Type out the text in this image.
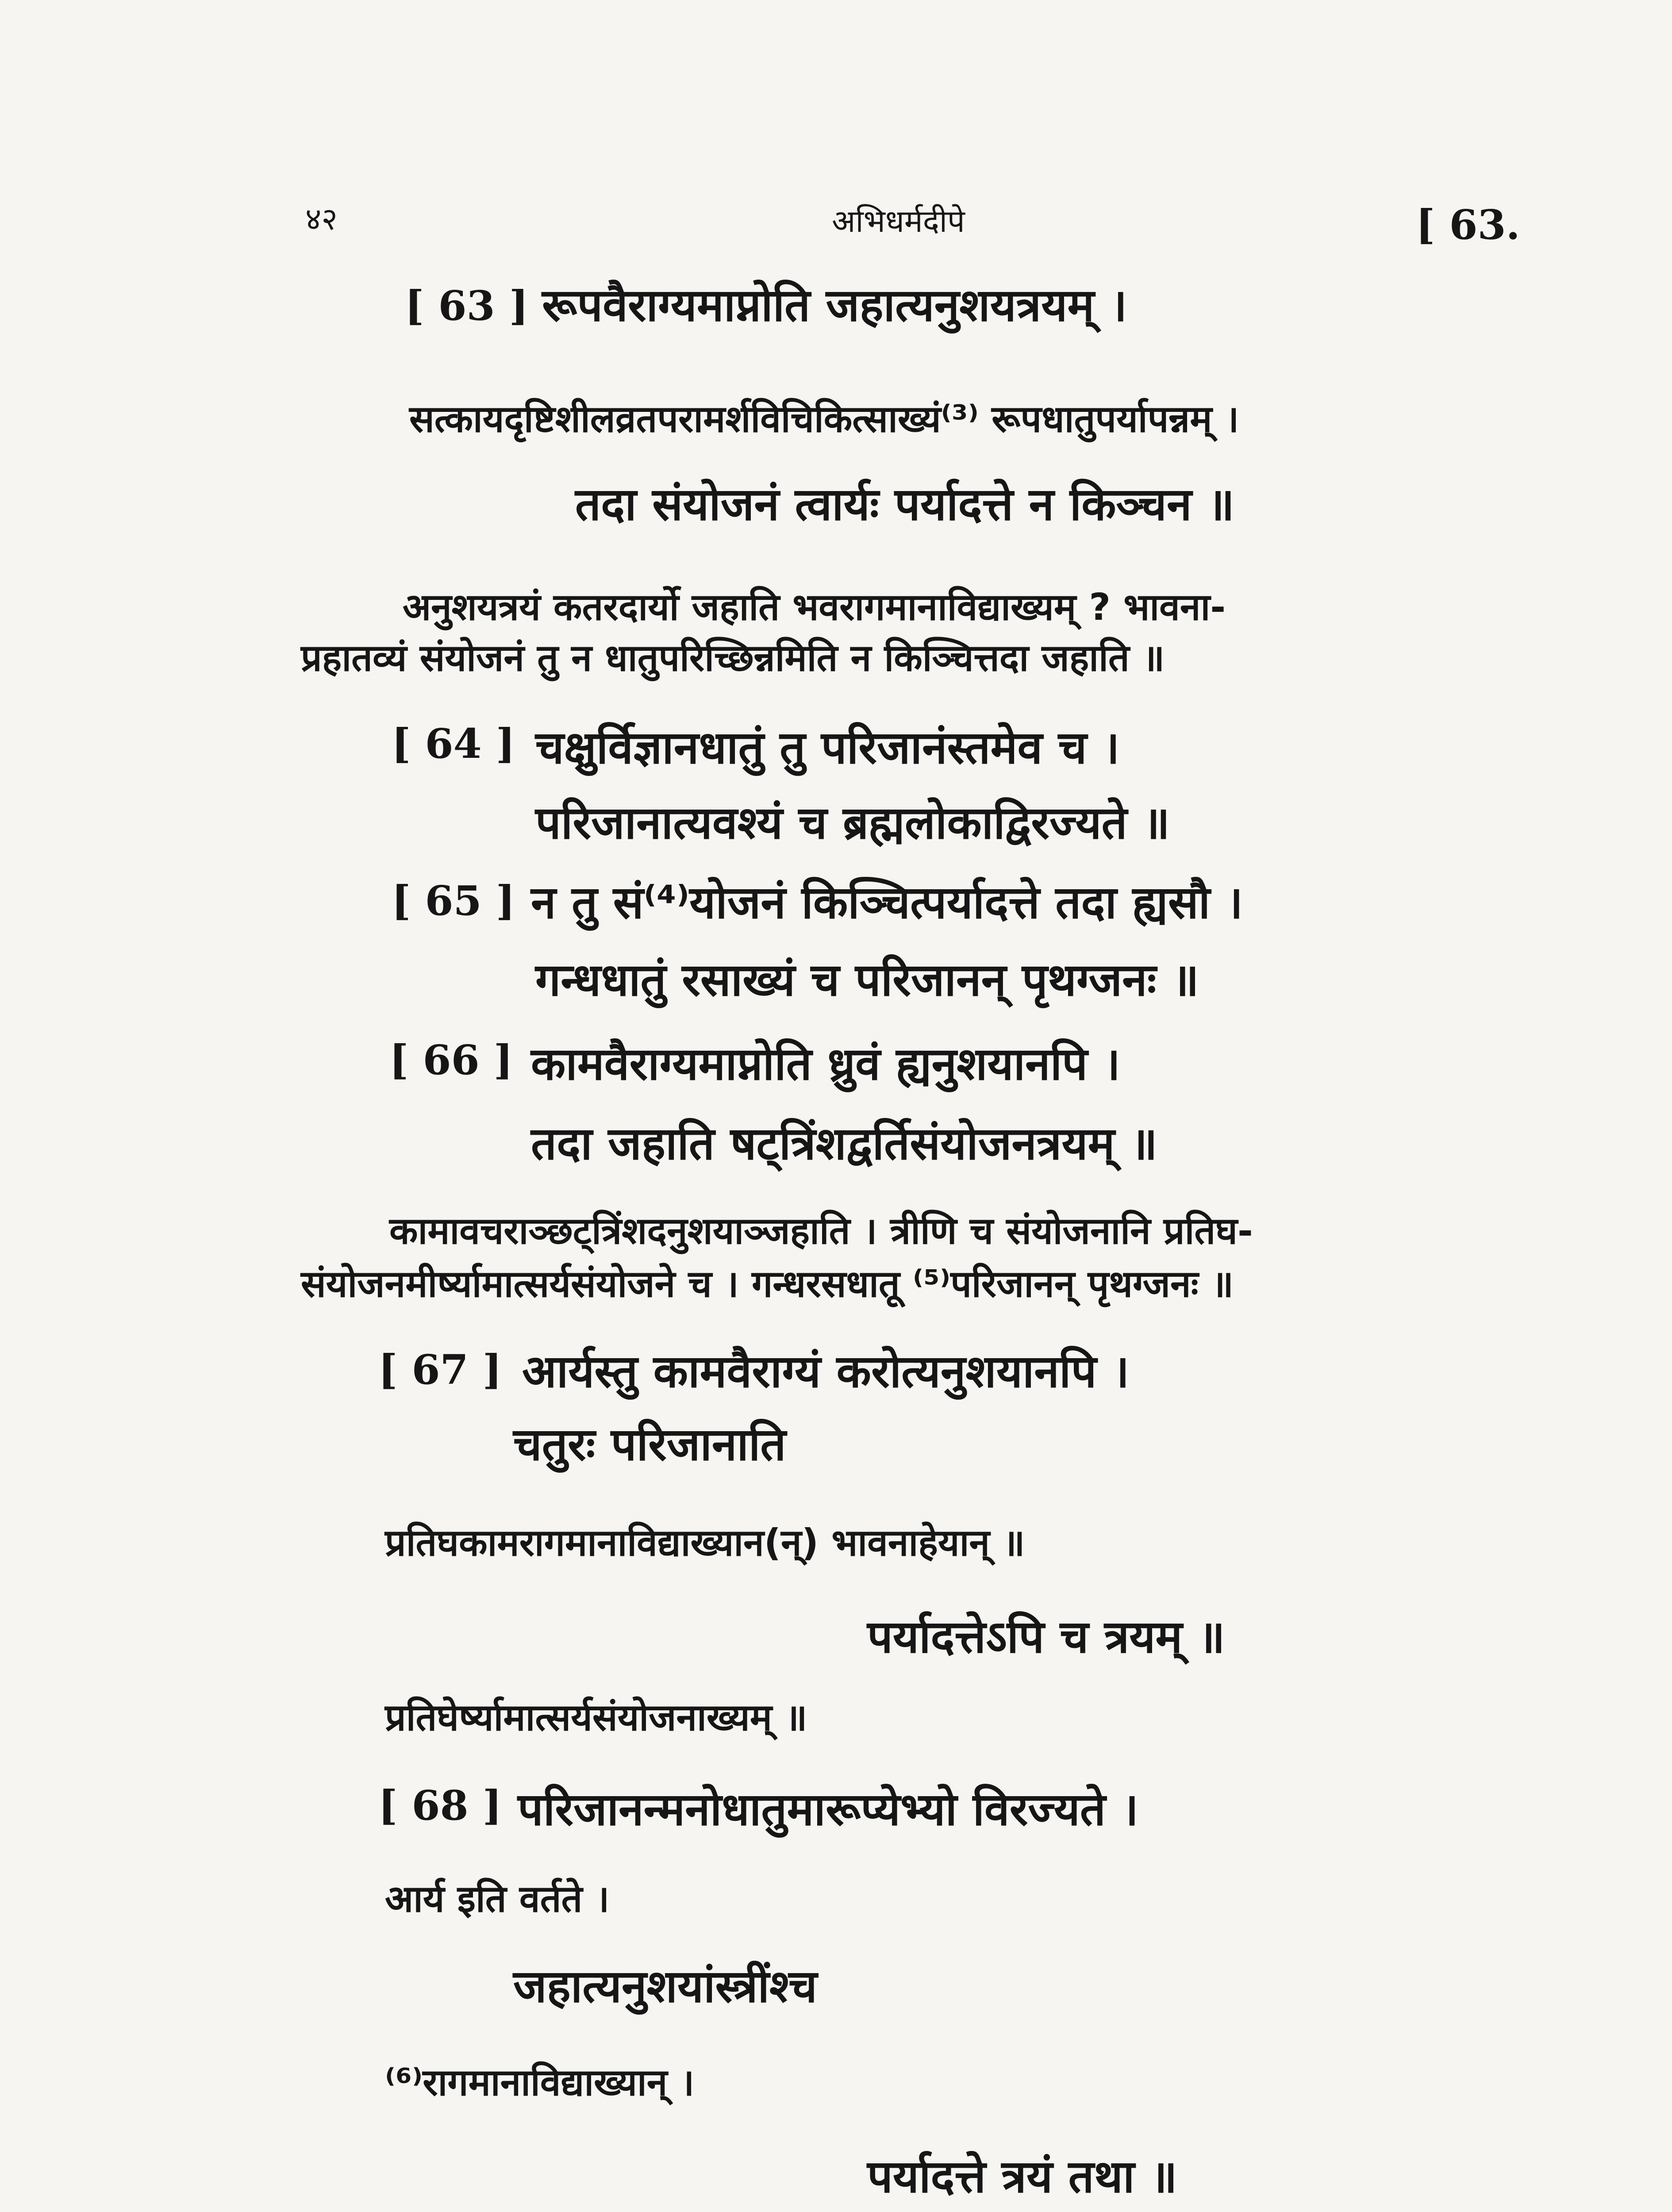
४२	अभिधर्मदीपे	[ 63.
[ 63 ] रूपवैराग्यमाप्नोति जहात्यनुशयत्रयम् ।
सत्कायदृष्टिशीलव्रतपरामर्शविचिकित्साख्यं⁽³⁾ रूपधातुपर्यापन्नम् ।
तदा संयोजनं त्वार्यः पर्यादत्ते न किञ्चन ॥
अनुशयत्रयं कतरदार्यो जहाति भवरागमानाविद्याख्यम् ? भावना-
प्रहातव्यं संयोजनं तु न धातुपरिच्छिन्नमिति न किञ्चित्तदा जहाति ॥
[ 64 ] चक्षुर्विज्ञानधातुं तु परिजानंस्तमेव च ।
परिजानात्यवश्यं च ब्रह्मलोकाद्विरज्यते ॥
[ 65 ] न तु सं⁽⁴⁾योजनं किञ्चित्पर्यादत्ते तदा ह्यसौ ।
गन्धधातुं रसाख्यं च परिजानन् पृथग्जनः ॥
[ 66 ] कामवैराग्यमाप्नोति ध्रुवं ह्यनुशयानपि ।
तदा जहाति षट्त्रिंशद्वर्तिसंयोजनत्रयम् ॥
कामावचराञ्छट्त्रिंशदनुशयाञ्जहाति । त्रीणि च संयोजनानि प्रतिघ-
संयोजनमीर्ष्यामात्सर्यसंयोजने च । गन्धरसधातू ⁽⁵⁾परिजानन् पृथग्जनः ॥
[ 67 ] आर्यस्तु कामवैराग्यं करोत्यनुशयानपि ।
चतुरः परिजानाति
प्रतिघकामरागमानाविद्याख्यान(न्) भावनाहेयान् ॥
पर्यादत्तेऽपि च त्रयम् ॥
प्रतिघेर्ष्यामात्सर्यसंयोजनाख्यम् ॥
[ 68 ] परिजानन्मनोधातुमारूप्येभ्यो विरज्यते ।
आर्य इति वर्तते ।
जहात्यनुशयांस्त्रींश्च
⁽⁶⁾रागमानाविद्याख्यान् ।
पर्यादत्ते त्रयं तथा ॥
